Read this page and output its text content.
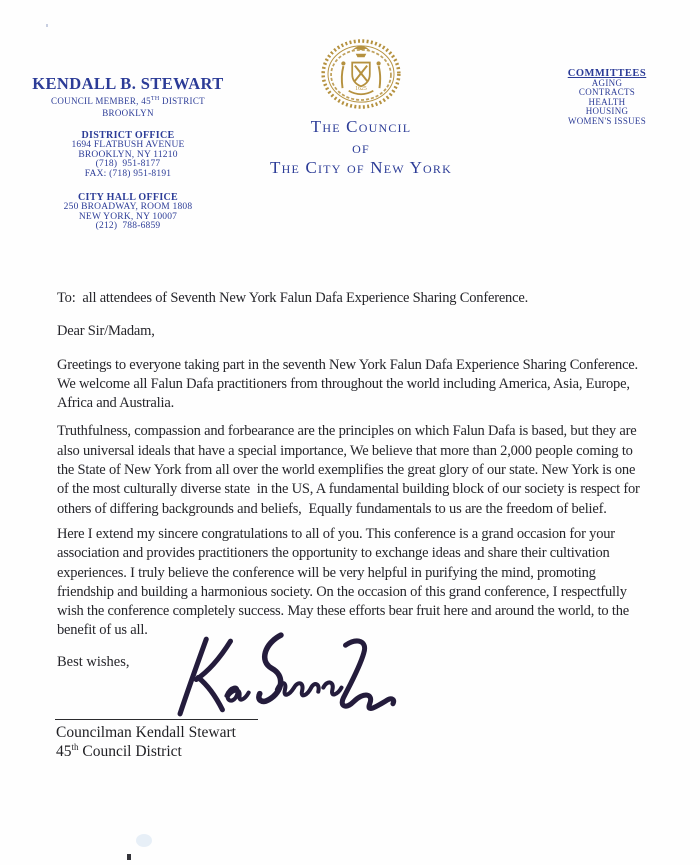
KENDALL B. STEWART
COUNCIL MEMBER, 45TH DISTRICT
BROOKLYN
DISTRICT OFFICE
1694 FLATBUSH AVENUE
BROOKLYN, NY 11210
(718)  951-8177
FAX: (718) 951-8191
CITY HALL OFFICE
250 BROADWAY, ROOM 1808
NEW YORK, NY 10007
(212)  788-6859
1625
The Council
of
The City of New York
COMMITTEES
AGING
CONTRACTS
HEALTH
HOUSING
WOMEN'S ISSUES
To:  all attendees of Seventh New York Falun Dafa Experience Sharing Conference.
Dear Sir/Madam,
Greetings to everyone taking part in the seventh New York Falun Dafa Experience Sharing Conference.
We welcome all Falun Dafa practitioners from throughout the world including America, Asia, Europe,
Africa and Australia.
Truthfulness, compassion and forbearance are the principles on which Falun Dafa is based, but they are
also universal ideals that have a special importance, We believe that more than 2,000 people coming to
the State of New York from all over the world exemplifies the great glory of our state. New York is one
of the most culturally diverse state  in the US, A fundamental building block of our society is respect for
others of differing backgrounds and beliefs,  Equally fundamentals to us are the freedom of belief.
Here I extend my sincere congratulations to all of you. This conference is a grand occasion for your
association and provides practitioners the opportunity to exchange ideas and share their cultivation
experiences. I truly believe the conference will be very helpful in purifying the mind, promoting
friendship and building a harmonious society. On the occasion of this grand conference, I respectfully
wish the conference completely success. May these efforts bear fruit here and around the world, to the
benefit of us all.
Best wishes,
Councilman Kendall Stewart
45th Council District
